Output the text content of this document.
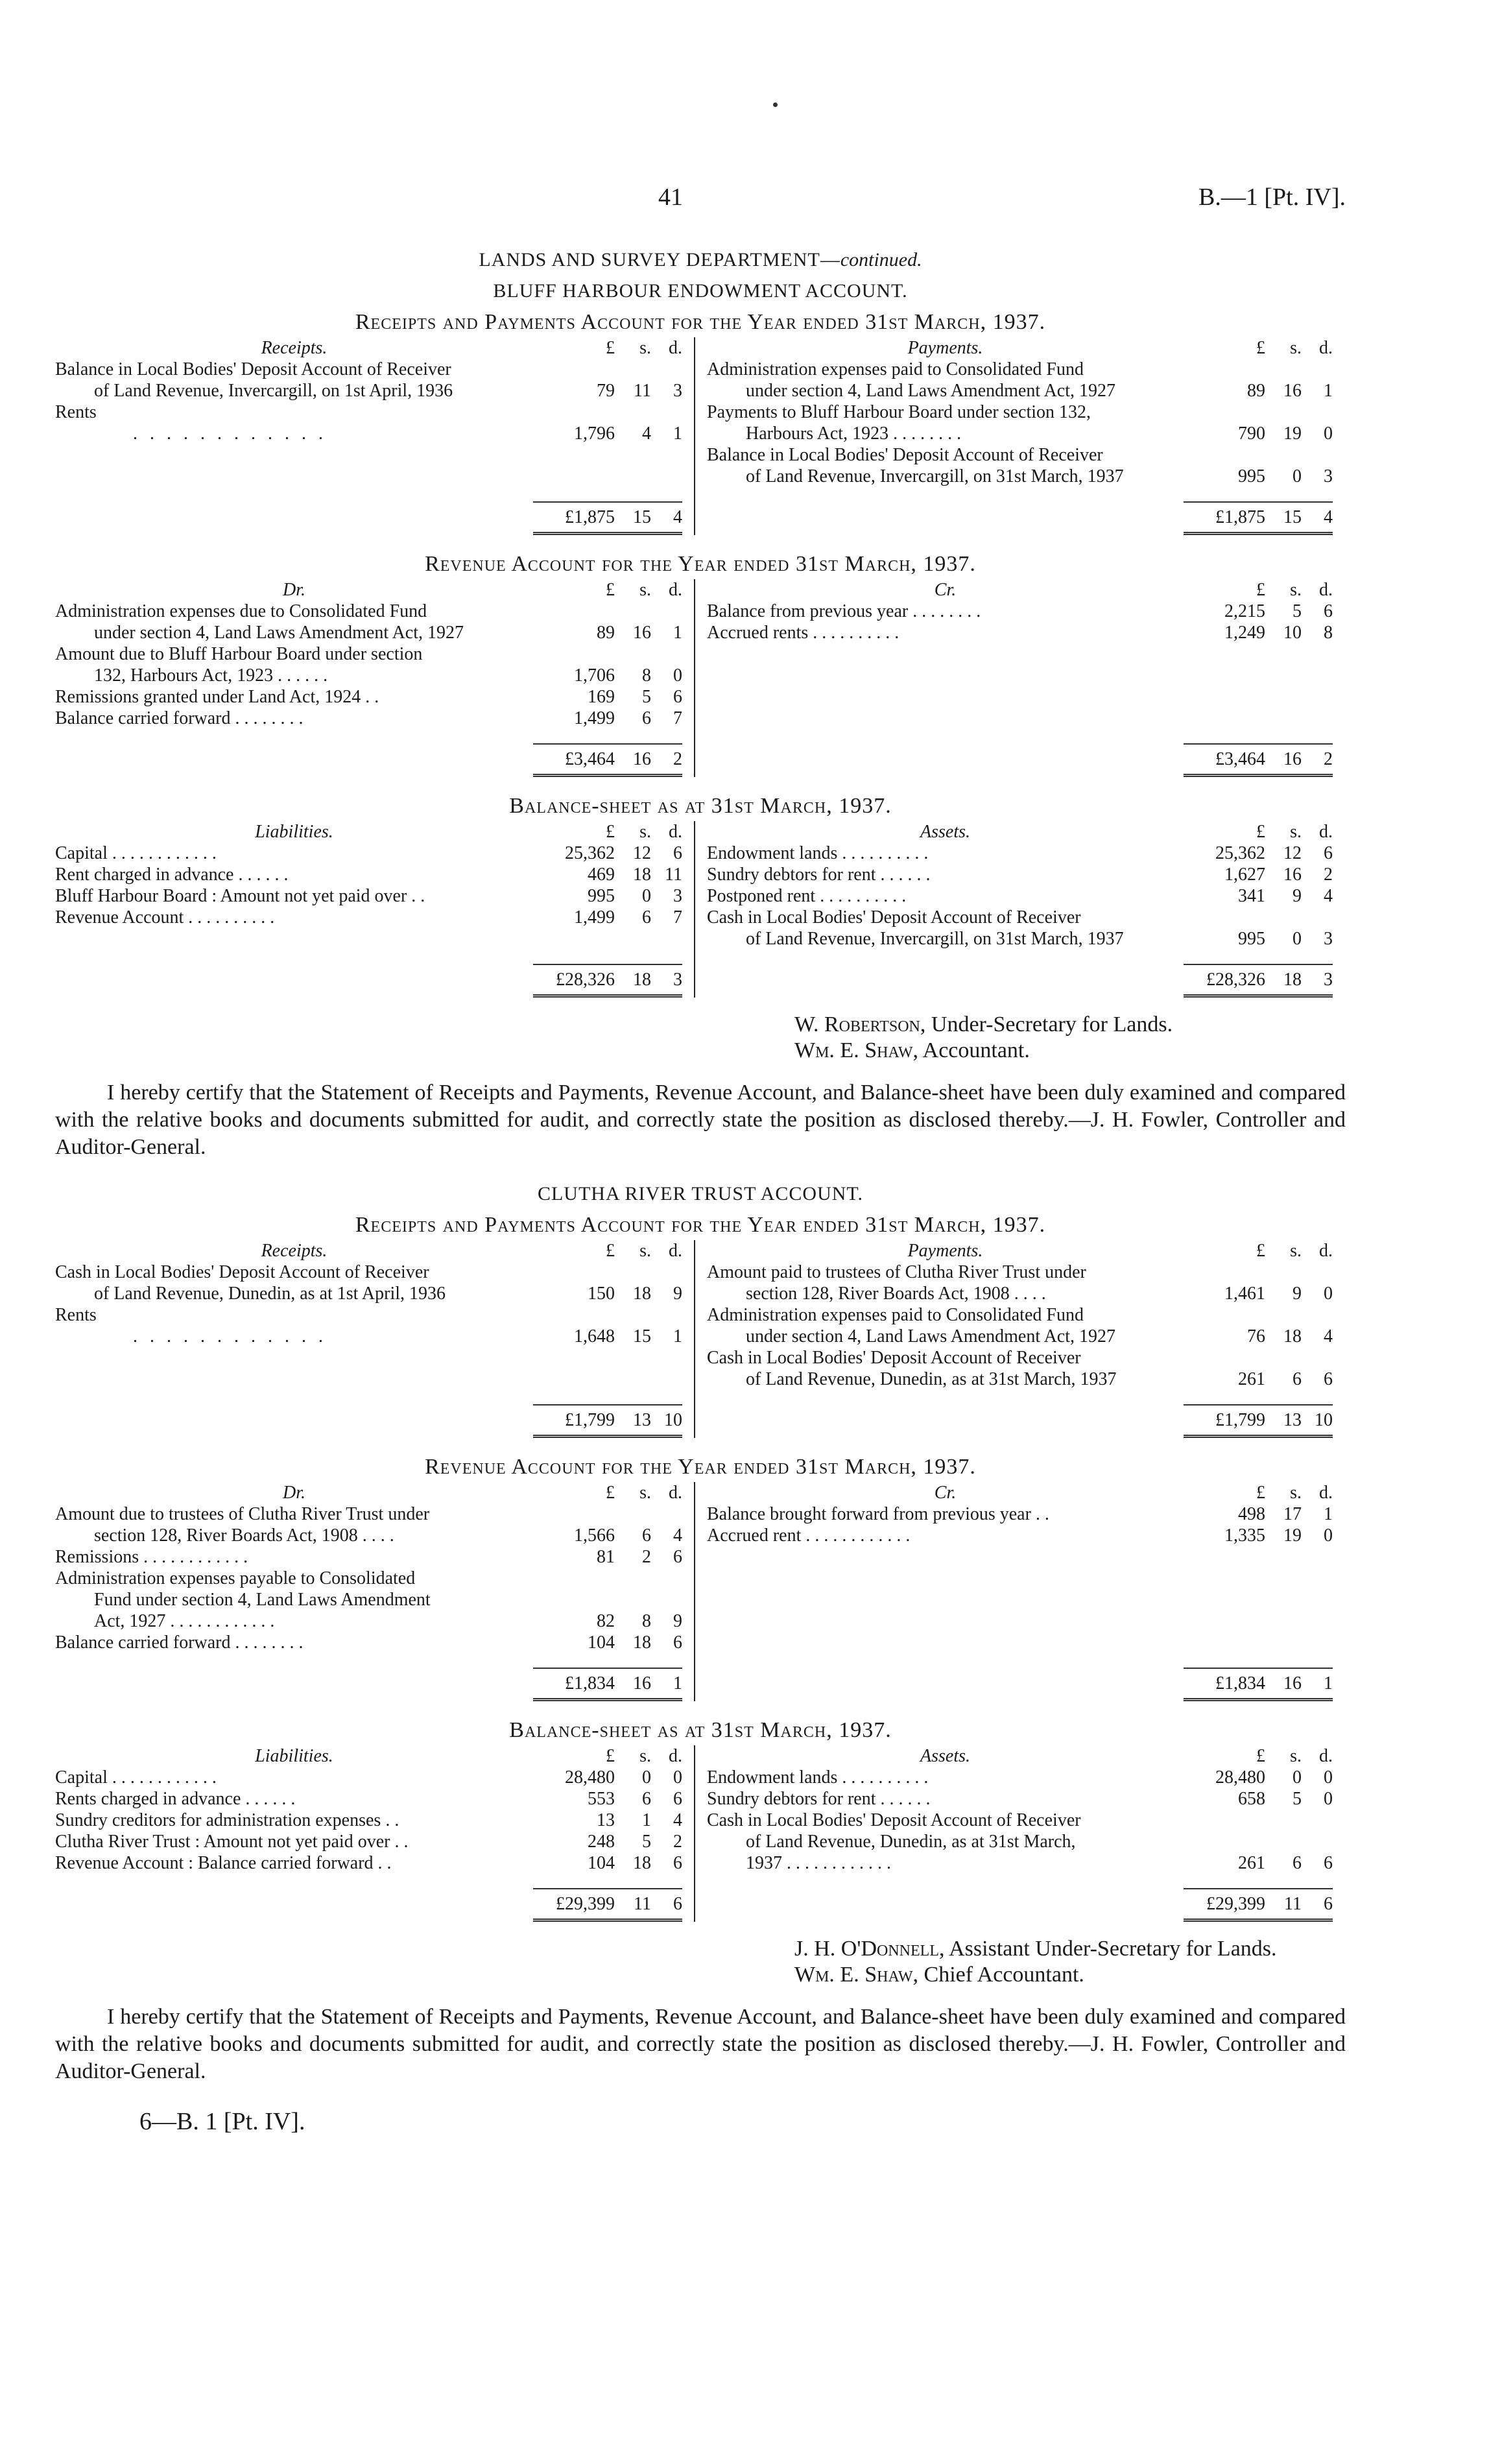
41	B.—1 [Pt. IV].
LANDS AND SURVEY DEPARTMENT—continued.
BLUFF HARBOUR ENDOWMENT ACCOUNT.
Receipts and Payments Account for the Year ended 31st March, 1937.
Receipts.	£	s. d.
Balance in Local Bodies' Deposit Account of Receiver
of Land Revenue, Invercargill, on 1st April, 1936	79	11	3
Rents
. . . . . . . . . . . .	1,796	4	1
£1,875	15	4
Payments.	£	s. d.
Administration expenses paid to Consolidated Fund
under section 4, Land Laws Amendment Act, 1927	89	16	1
Payments to Bluff Harbour Board under section 132,
Harbours Act, 1923 . . . . . . . .	790	19	0
Balance in Local Bodies' Deposit Account of Receiver
of Land Revenue, Invercargill, on 31st March, 1937	995	0	3
£1,875	15	4
Revenue Account for the Year ended 31st March, 1937.
Dr.	£	s. d.
Administration expenses due to Consolidated Fund
under section 4, Land Laws Amendment Act, 1927	89	16	1
Amount due to Bluff Harbour Board under section
132, Harbours Act, 1923 . . . . . .	1,706	8	0
Remissions granted under Land Act, 1924 . .	169	5	6
Balance carried forward . . . . . . . .	1,499	6	7
£3,464	16	2
Cr.	£	s. d.
Balance from previous year . . . . . . . .	2,215	5	6
Accrued rents . . . . . . . . . .	1,249	10	8
£3,464	16	2
Balance-sheet as at 31st March, 1937.
Liabilities.	£	s. d.
Capital . . . . . . . . . . . .	25,362	12	6
Rent charged in advance . . . . . .	469	18 11
Bluff Harbour Board : Amount not yet paid over . .	995	0	3
Revenue Account . . . . . . . . . .	1,499	6	7
£28,326	18	3
Assets.	£	s. d.
Endowment lands . . . . . . . . . .	25,362	12	6
Sundry debtors for rent . . . . . .	1,627	16	2
Postponed rent . . . . . . . . . .	341	9	4
Cash in Local Bodies' Deposit Account of Receiver
of Land Revenue, Invercargill, on 31st March, 1937	995	0	3
£28,326	18	3
W. Robertson, Under-Secretary for Lands.
Wm. E. Shaw, Accountant.

I hereby certify that the Statement of Receipts and Payments, Revenue Account, and Balance-sheet have been duly examined and compared with the relative books and documents submitted for audit, and correctly state the position as disclosed thereby.—J. H. Fowler, Controller and Auditor-General.

CLUTHA RIVER TRUST ACCOUNT.
Receipts and Payments Account for the Year ended 31st March, 1937.
Receipts.	£	s. d.
Cash in Local Bodies' Deposit Account of Receiver
of Land Revenue, Dunedin, as at 1st April, 1936	150	18	9
Rents
. . . . . . . . . . . .	1,648	15	1
£1,799	13 10
Payments.	£	s. d.
Amount paid to trustees of Clutha River Trust under
section 128, River Boards Act, 1908 . . . .	1,461	9	0
Administration expenses paid to Consolidated Fund
under section 4, Land Laws Amendment Act, 1927	76	18	4
Cash in Local Bodies' Deposit Account of Receiver
of Land Revenue, Dunedin, as at 31st March, 1937	261	6	6
£1,799	13 10
Revenue Account for the Year ended 31st March, 1937.
Dr.	£	s. d.
Amount due to trustees of Clutha River Trust under
section 128, River Boards Act, 1908 . . . .	1,566	6	4
Remissions . . . . . . . . . . . .	81	2	6
Administration expenses payable to Consolidated
Fund under section 4, Land Laws Amendment
Act, 1927 . . . . . . . . . . . .	82	8	9
Balance carried forward . . . . . . . .	104	18	6
£1,834	16	1
Cr.	£	s. d.
Balance brought forward from previous year . .	498	17	1
Accrued rent . . . . . . . . . . . .	1,335	19	0
£1,834	16	1
Balance-sheet as at 31st March, 1937.
Liabilities.	£	s. d.
Capital . . . . . . . . . . . .	28,480	0	0
Rents charged in advance . . . . . .	553	6	6
Sundry creditors for administration expenses . .	13	1	4
Clutha River Trust : Amount not yet paid over . .	248	5	2
Revenue Account : Balance carried forward . .	104	18	6
£29,399	11	6
Assets.	£	s. d.
Endowment lands . . . . . . . . . .	28,480	0	0
Sundry debtors for rent . . . . . .	658	5	0
Cash in Local Bodies' Deposit Account of Receiver
of Land Revenue, Dunedin, as at 31st March,
1937 . . . . . . . . . . . .	261	6	6
£29,399	11	6
J. H. O'Donnell, Assistant Under-Secretary for Lands.
Wm. E. Shaw, Chief Accountant.

I hereby certify that the Statement of Receipts and Payments, Revenue Account, and Balance-sheet have been duly examined and compared with the relative books and documents submitted for audit, and correctly state the position as disclosed thereby.—J. H. Fowler, Controller and Auditor-General.

6—B. 1 [Pt. IV].
